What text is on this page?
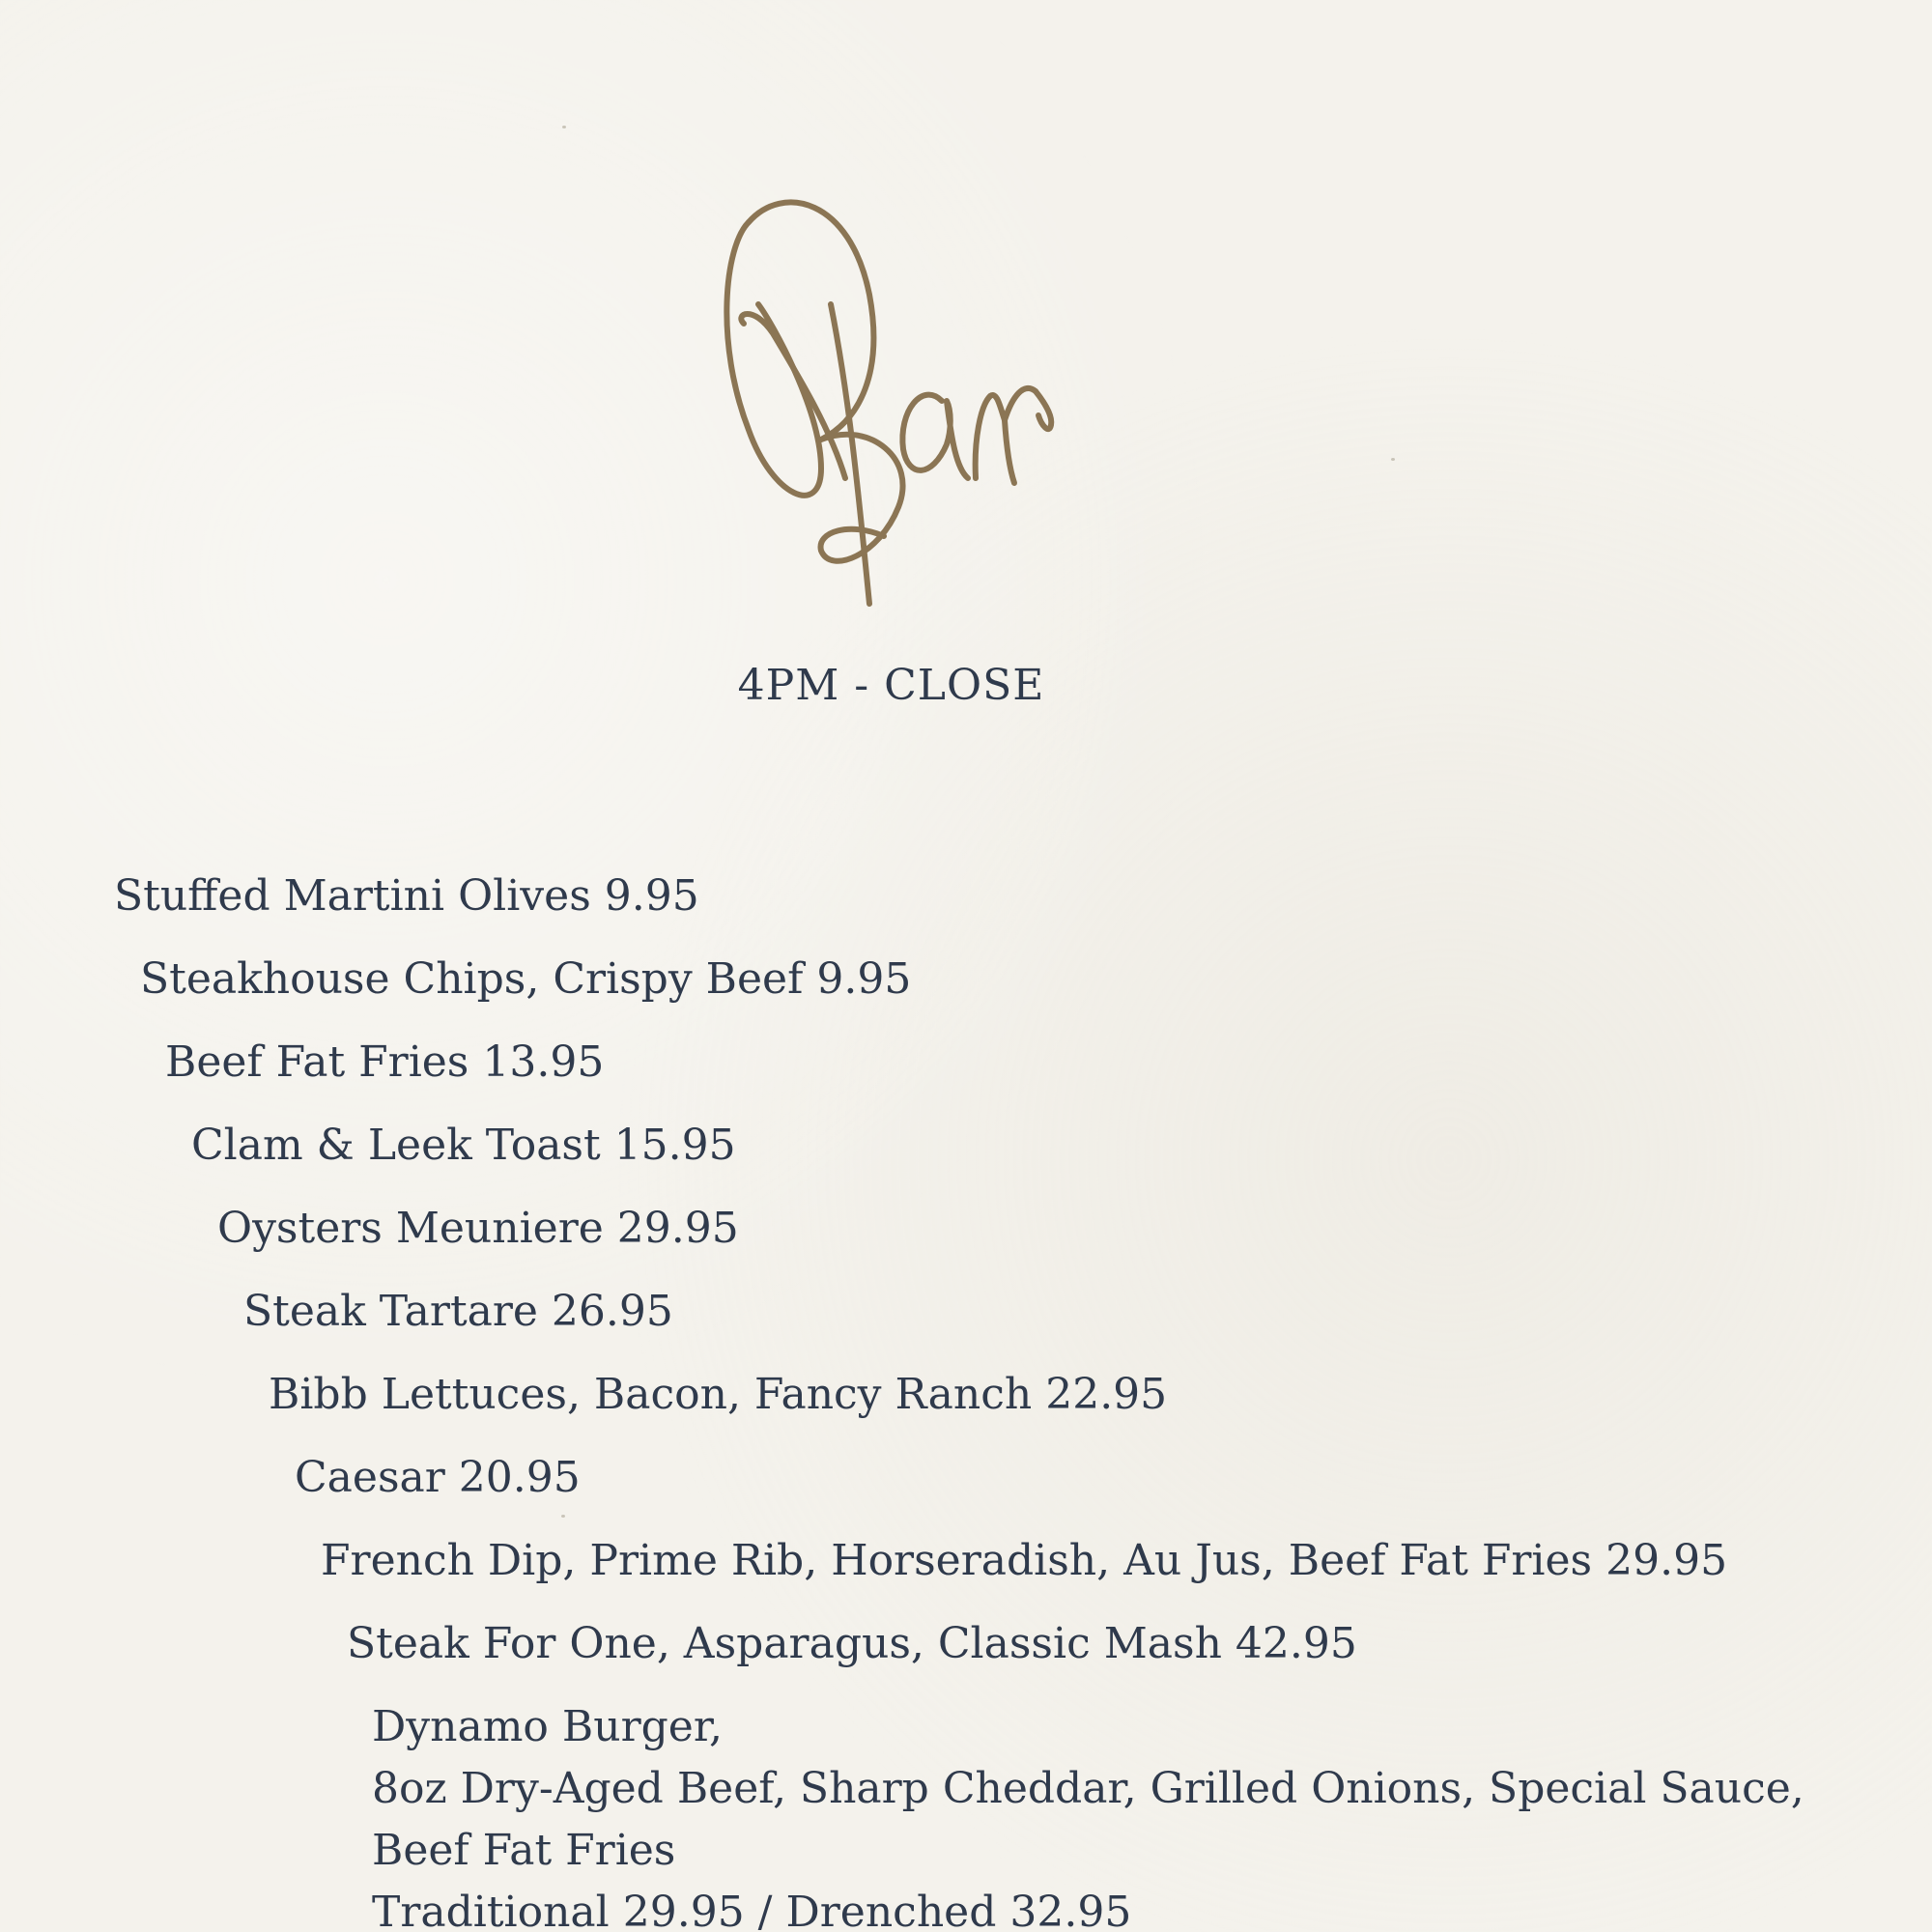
4PM - CLOSE
Stuffed Martini Olives 9.95
Steakhouse Chips, Crispy Beef 9.95
Beef Fat Fries 13.95
Clam & Leek Toast 15.95
Oysters Meuniere 29.95
Steak Tartare 26.95
Bibb Lettuces, Bacon, Fancy Ranch 22.95
Caesar 20.95
French Dip, Prime Rib, Horseradish, Au Jus, Beef Fat Fries 29.95
Steak For One, Asparagus, Classic Mash 42.95
Dynamo Burger,
8oz Dry-Aged Beef, Sharp Cheddar, Grilled Onions, Special Sauce,
Beef Fat Fries
Traditional 29.95 / Drenched 32.95
